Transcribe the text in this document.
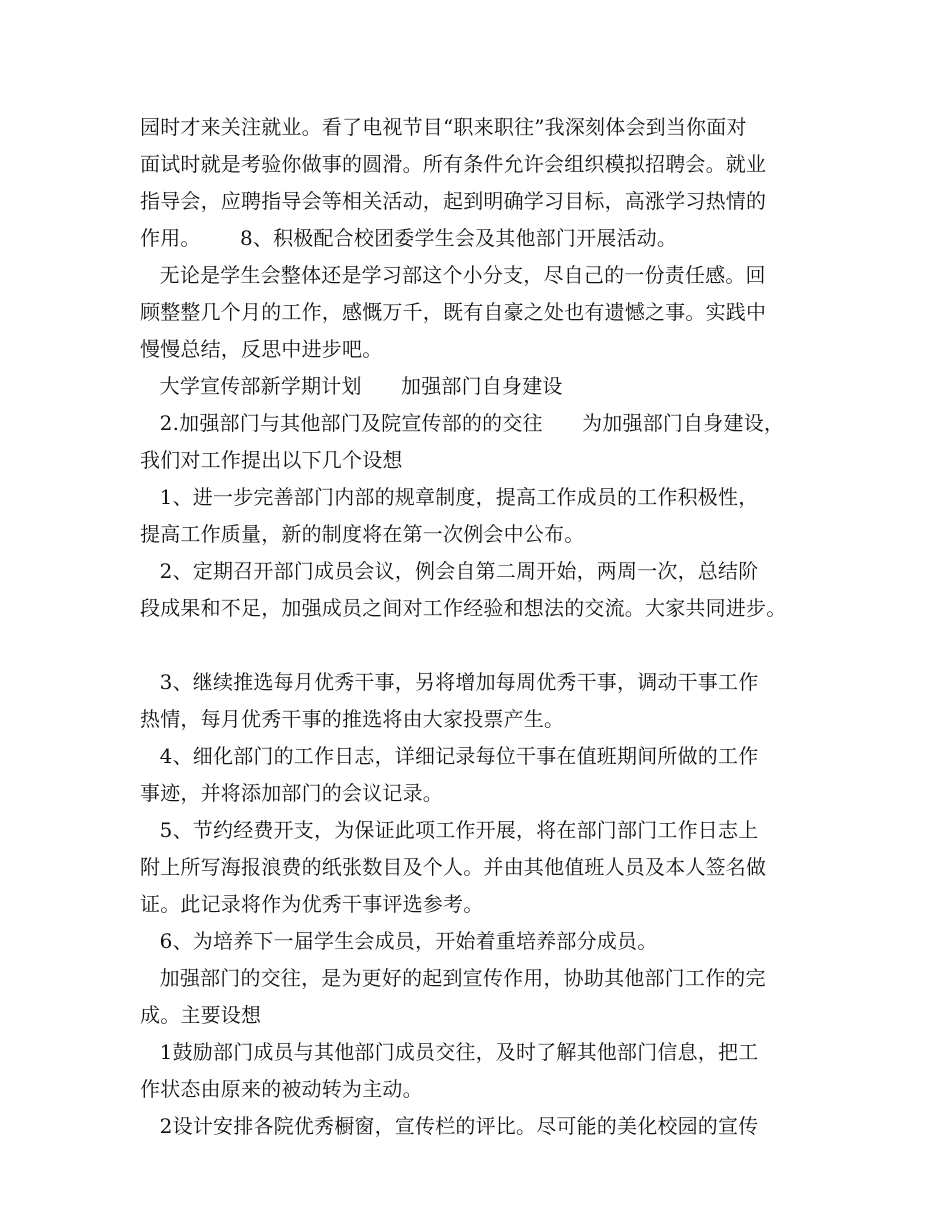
园时才来关注就业。看了电视节目“职来职往”我深刻体会到当你面对
面试时就是考验你做事的圆滑。所有条件允许会组织模拟招聘会。就业
指导会，应聘指导会等相关活动，起到明确学习目标，高涨学习热情的
作用。      8、积极配合校团委学生会及其他部门开展活动。
无论是学生会整体还是学习部这个小分支，尽自己的一份责任感。回
顾整整几个月的工作，感慨万千，既有自豪之处也有遗憾之事。实践中
慢慢总结，反思中进步吧。
大学宣传部新学期计划      加强部门自身建设
2.加强部门与其他部门及院宣传部的的交往      为加强部门自身建设，
我们对工作提出以下几个设想
1、进一步完善部门内部的规章制度，提高工作成员的工作积极性，
提高工作质量，新的制度将在第一次例会中公布。
2、定期召开部门成员会议，例会自第二周开始，两周一次，总结阶
段成果和不足，加强成员之间对工作经验和想法的交流。大家共同进步。
3、继续推选每月优秀干事，另将增加每周优秀干事，调动干事工作
热情，每月优秀干事的推选将由大家投票产生。
4、细化部门的工作日志，详细记录每位干事在值班期间所做的工作
事迹，并将添加部门的会议记录。
5、节约经费开支，为保证此项工作开展，将在部门部门工作日志上
附上所写海报浪费的纸张数目及个人。并由其他值班人员及本人签名做
证。此记录将作为优秀干事评选参考。
6、为培养下一届学生会成员，开始着重培养部分成员。
加强部门的交往，是为更好的起到宣传作用，协助其他部门工作的完
成。主要设想
1鼓励部门成员与其他部门成员交往，及时了解其他部门信息，把工
作状态由原来的被动转为主动。
2设计安排各院优秀橱窗，宣传栏的评比。尽可能的美化校园的宣传
